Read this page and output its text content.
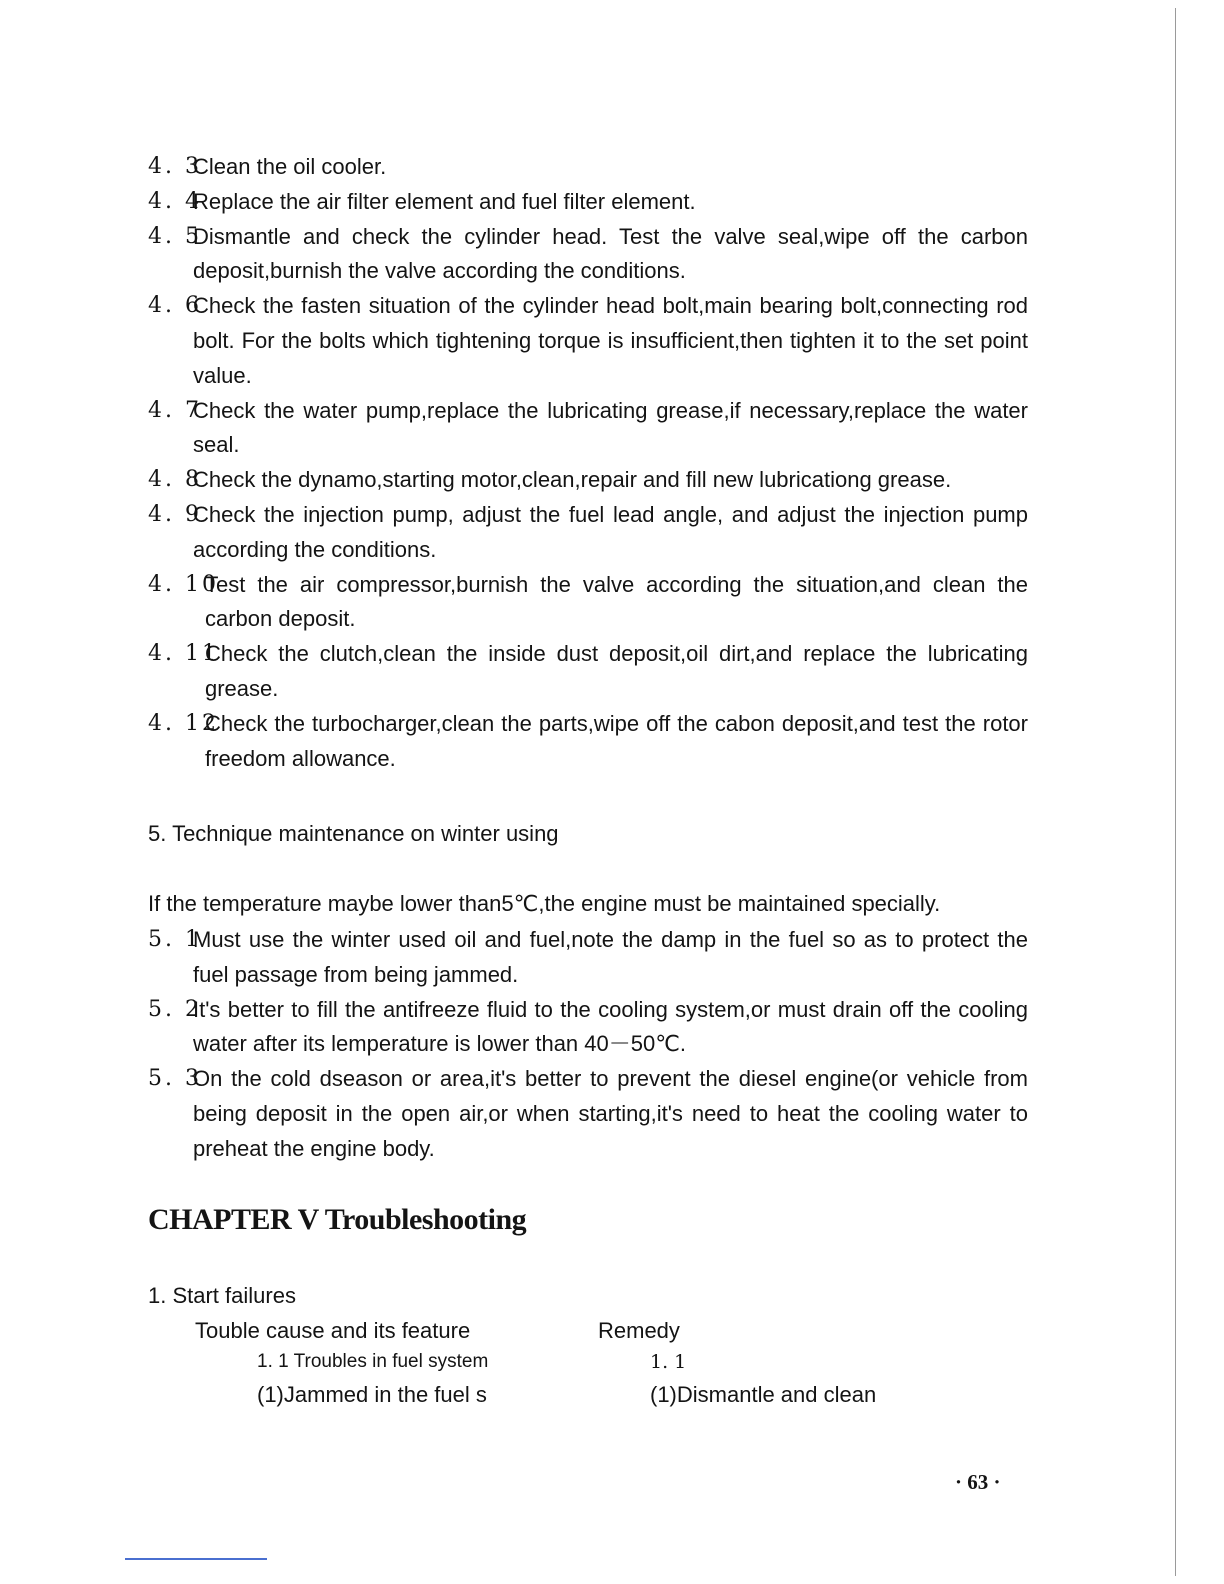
4. 3
Clean the oil cooler.
4. 4
Replace the air filter element and fuel filter element.
4. 5
Dismantle and check the cylinder head. Test the valve seal,wipe off the carbon deposit,burnish the valve according the conditions.
4. 6
Check the fasten situation of the cylinder head bolt,main bearing bolt,connecting rod bolt. For the bolts which tightening torque is insufficient,then tighten it to the set point value.
4. 7
Check the water pump,replace the lubricating grease,if necessary,replace the water seal.
4. 8
Check the dynamo,starting motor,clean,repair and fill new lubricationg grease.
4. 9
Check the injection pump, adjust the fuel lead angle, and adjust the injection pump according the conditions.
4. 10
Test the air compressor,burnish the valve according the situation,and clean the carbon deposit.
4. 11
Check the clutch,clean the inside dust deposit,oil dirt,and replace the lubricating grease.
4. 12
Check the turbocharger,clean the parts,wipe off the cabon deposit,and test the rotor freedom allowance.
5. Technique maintenance on winter using
If the temperature maybe lower than5℃,the engine must be maintained specially.
5. 1
Must use the winter used oil and fuel,note the damp in the fuel so as to protect the fuel passage from being jammed.
5. 2
It's better to fill the antifreeze fluid to the cooling system,or must drain off the cooling water after its lemperature is lower than 40－50℃.
5. 3
On the cold dseason or area,it's better to prevent the diesel engine(or vehicle from being deposit in the open air,or when starting,it's need to heat the cooling water to preheat the engine body.
CHAPTER V Troubleshooting
1. Start failures
Touble cause and its feature	Remedy
1. 1 Troubles in fuel system	1. 1
(1)Jammed in the fuel s	(1)Dismantle and clean
· 63 ·
